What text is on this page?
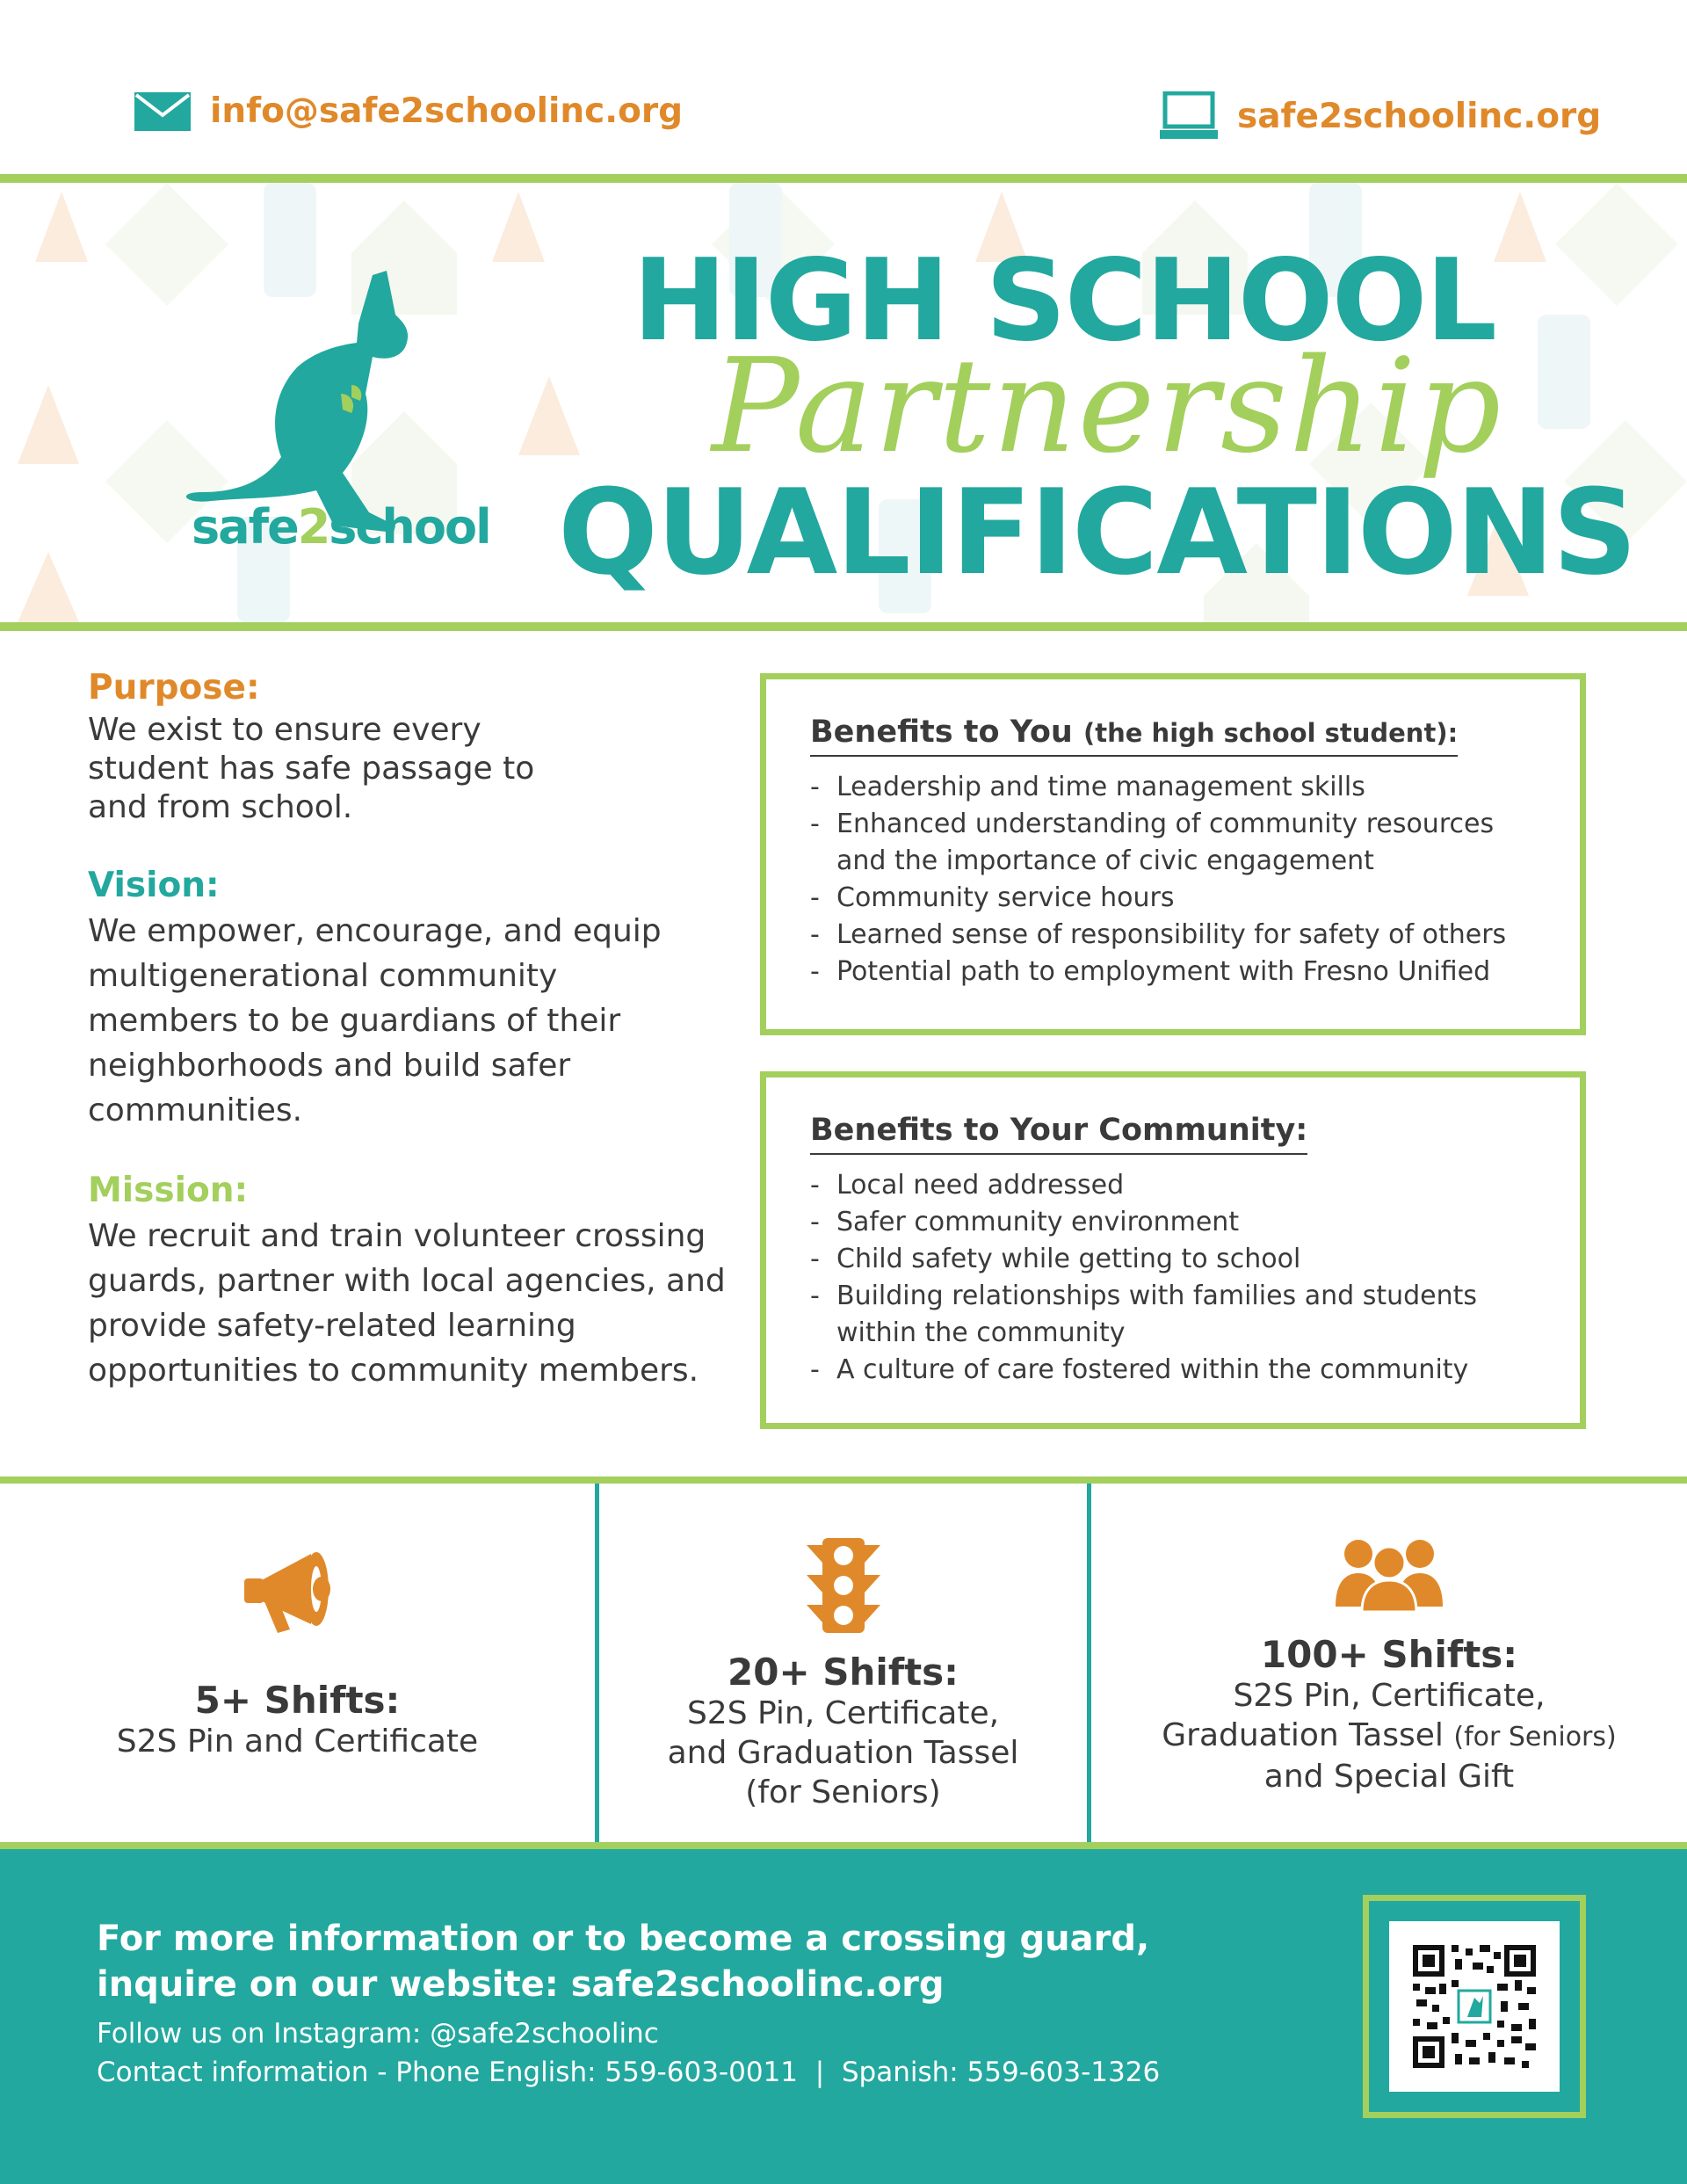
info@safe2schoolinc.org	safe2schoolinc.org
safe2school
HIGH SCHOOL
Partnership
QUALIFICATIONS
Purpose:
We exist to ensure every student has safe passage to and from school.
Vision:
We empower, encourage, and equip multigenerational community members to be guardians of their neighborhoods and build safer communities.
Mission:
We recruit and train volunteer crossing guards, partner with local agencies, and provide safety-related learning opportunities to community members.
Benefits to You (the high school student):
- Leadership and time management skills
- Enhanced understanding of community resources and the importance of civic engagement
- Community service hours
- Learned sense of responsibility for safety of others
- Potential path to employment with Fresno Unified
Benefits to Your Community:
- Local need addressed
- Safer community environment
- Child safety while getting to school
- Building relationships with families and students within the community
- A culture of care fostered within the community
5+ Shifts:
S2S Pin and Certificate
20+ Shifts:
S2S Pin, Certificate,
and Graduation Tassel
(for Seniors)
100+ Shifts:
S2S Pin, Certificate,
Graduation Tassel (for Seniors)
and Special Gift
For more information or to become a crossing guard,
inquire on our website: safe2schoolinc.org
Follow us on Instagram: @safe2schoolinc
Contact information - Phone English: 559-603-0011  |  Spanish: 559-603-1326
